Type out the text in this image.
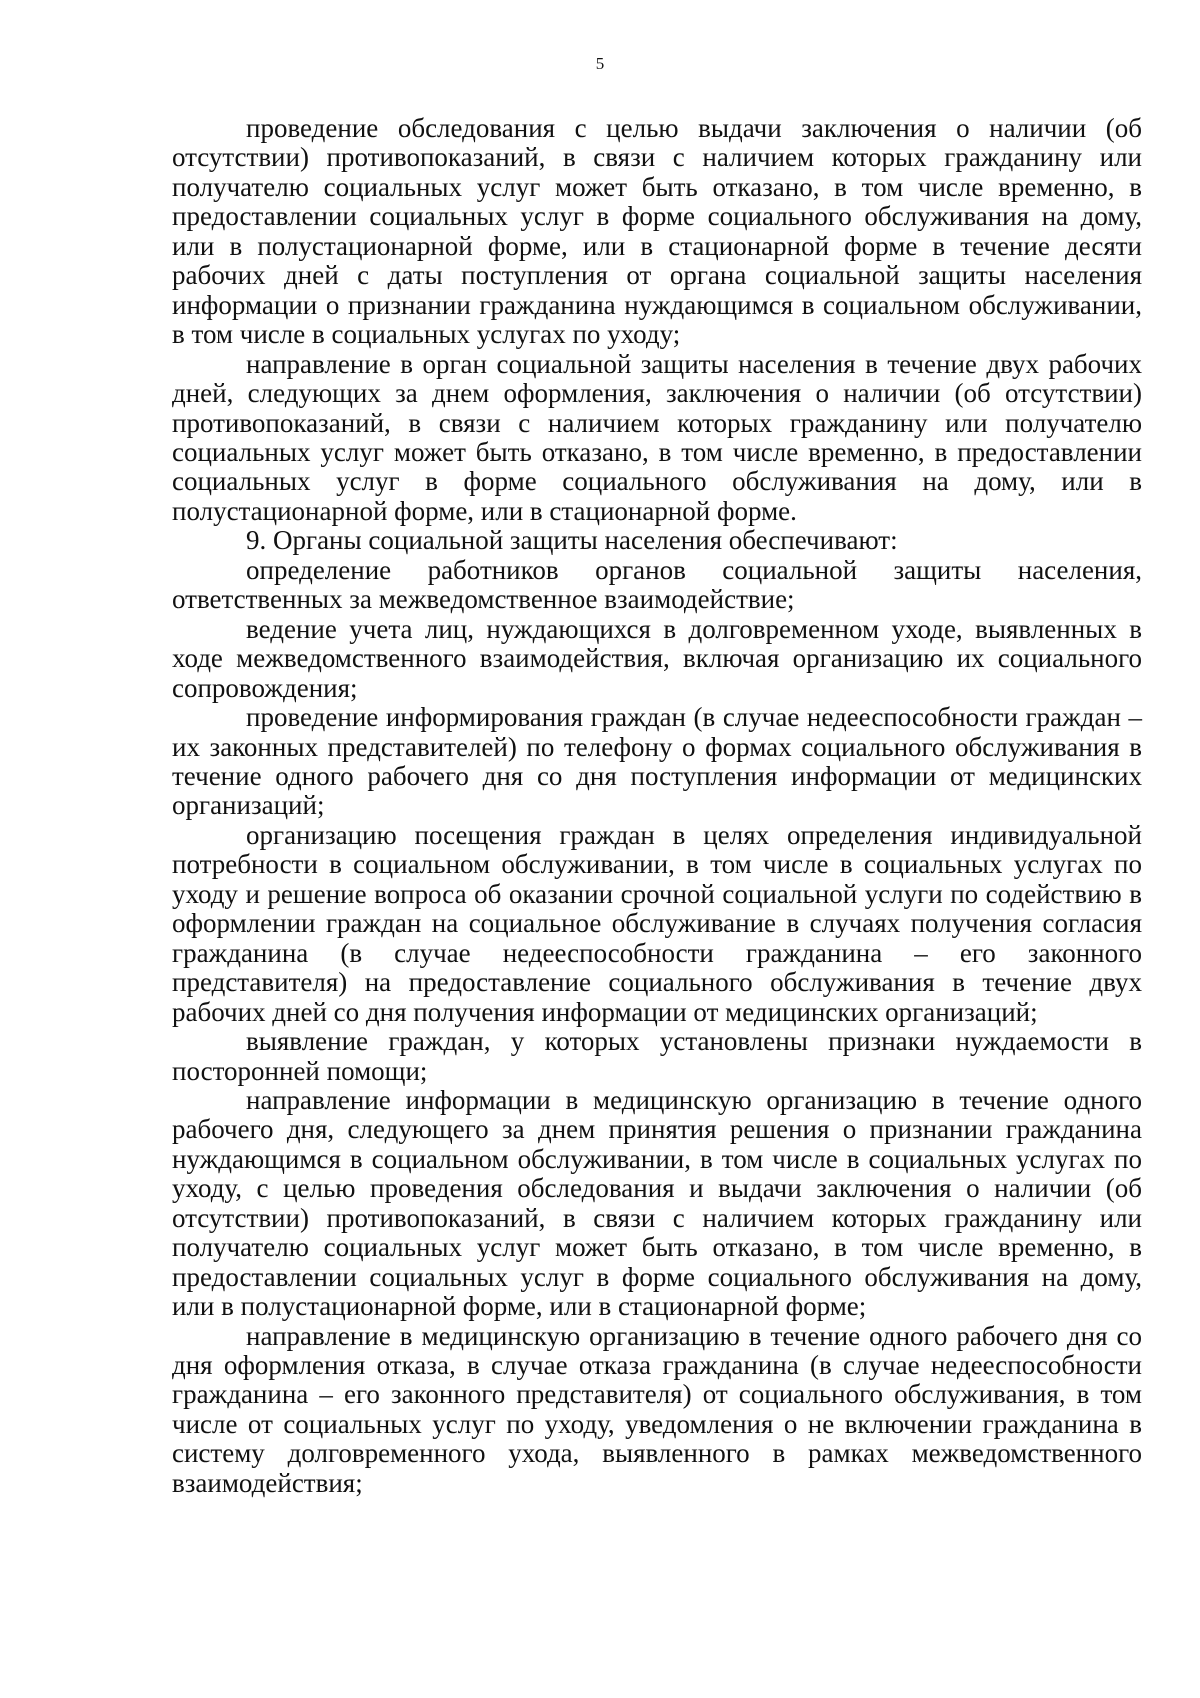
5

проведение обследования с целью выдачи заключения о наличии (об отсутствии) противопоказаний, в связи с наличием которых гражданину или получателю социальных услуг может быть отказано, в том числе временно, в предоставлении социальных услуг в форме социального обслуживания на дому, или в полустационарной форме, или в стационарной форме в течение десяти рабочих дней с даты поступления от органа социальной защиты населения информации о признании гражданина нуждающимся в социальном обслуживании, в том числе в социальных услугах по уходу;

направление в орган социальной защиты населения в течение двух рабочих дней, следующих за днем оформления, заключения о наличии (об отсутствии) противопоказаний, в связи с наличием которых гражданину или получателю социальных услуг может быть отказано, в том числе временно, в предоставлении социальных услуг в форме социального обслуживания на дому, или в полустационарной форме, или в стационарной форме.

9. Органы социальной защиты населения обеспечивают:

определение работников органов социальной защиты населения, ответственных за межведомственное взаимодействие;

ведение учета лиц, нуждающихся в долговременном уходе, выявленных в ходе межведомственного взаимодействия, включая организацию их социального сопровождения;

проведение информирования граждан (в случае недееспособности граждан – их законных представителей) по телефону о формах социального обслуживания в течение одного рабочего дня со дня поступления информации от медицинских организаций;

организацию посещения граждан в целях определения индивидуальной потребности в социальном обслуживании, в том числе в социальных услугах по уходу и решение вопроса об оказании срочной социальной услуги по содействию в оформлении граждан на социальное обслуживание в случаях получения согласия гражданина (в случае недееспособности гражданина – его законного представителя) на предоставление социального обслуживания в течение двух рабочих дней со дня получения информации от медицинских организаций;

выявление граждан, у которых установлены признаки нуждаемости в посторонней помощи;

направление информации в медицинскую организацию в течение одного рабочего дня, следующего за днем принятия решения о признании гражданина нуждающимся в социальном обслуживании, в том числе в социальных услугах по уходу, с целью проведения обследования и выдачи заключения о наличии (об отсутствии) противопоказаний, в связи с наличием которых гражданину или получателю социальных услуг может быть отказано, в том числе временно, в предоставлении социальных услуг в форме социального обслуживания на дому, или в полустационарной форме, или в стационарной форме;

направление в медицинскую организацию в течение одного рабочего дня со дня оформления отказа, в случае отказа гражданина (в случае недееспособности гражданина – его законного представителя) от социального обслуживания, в том числе от социальных услуг по уходу, уведомления о не включении гражданина в систему долговременного ухода, выявленного в рамках межведомственного взаимодействия;
